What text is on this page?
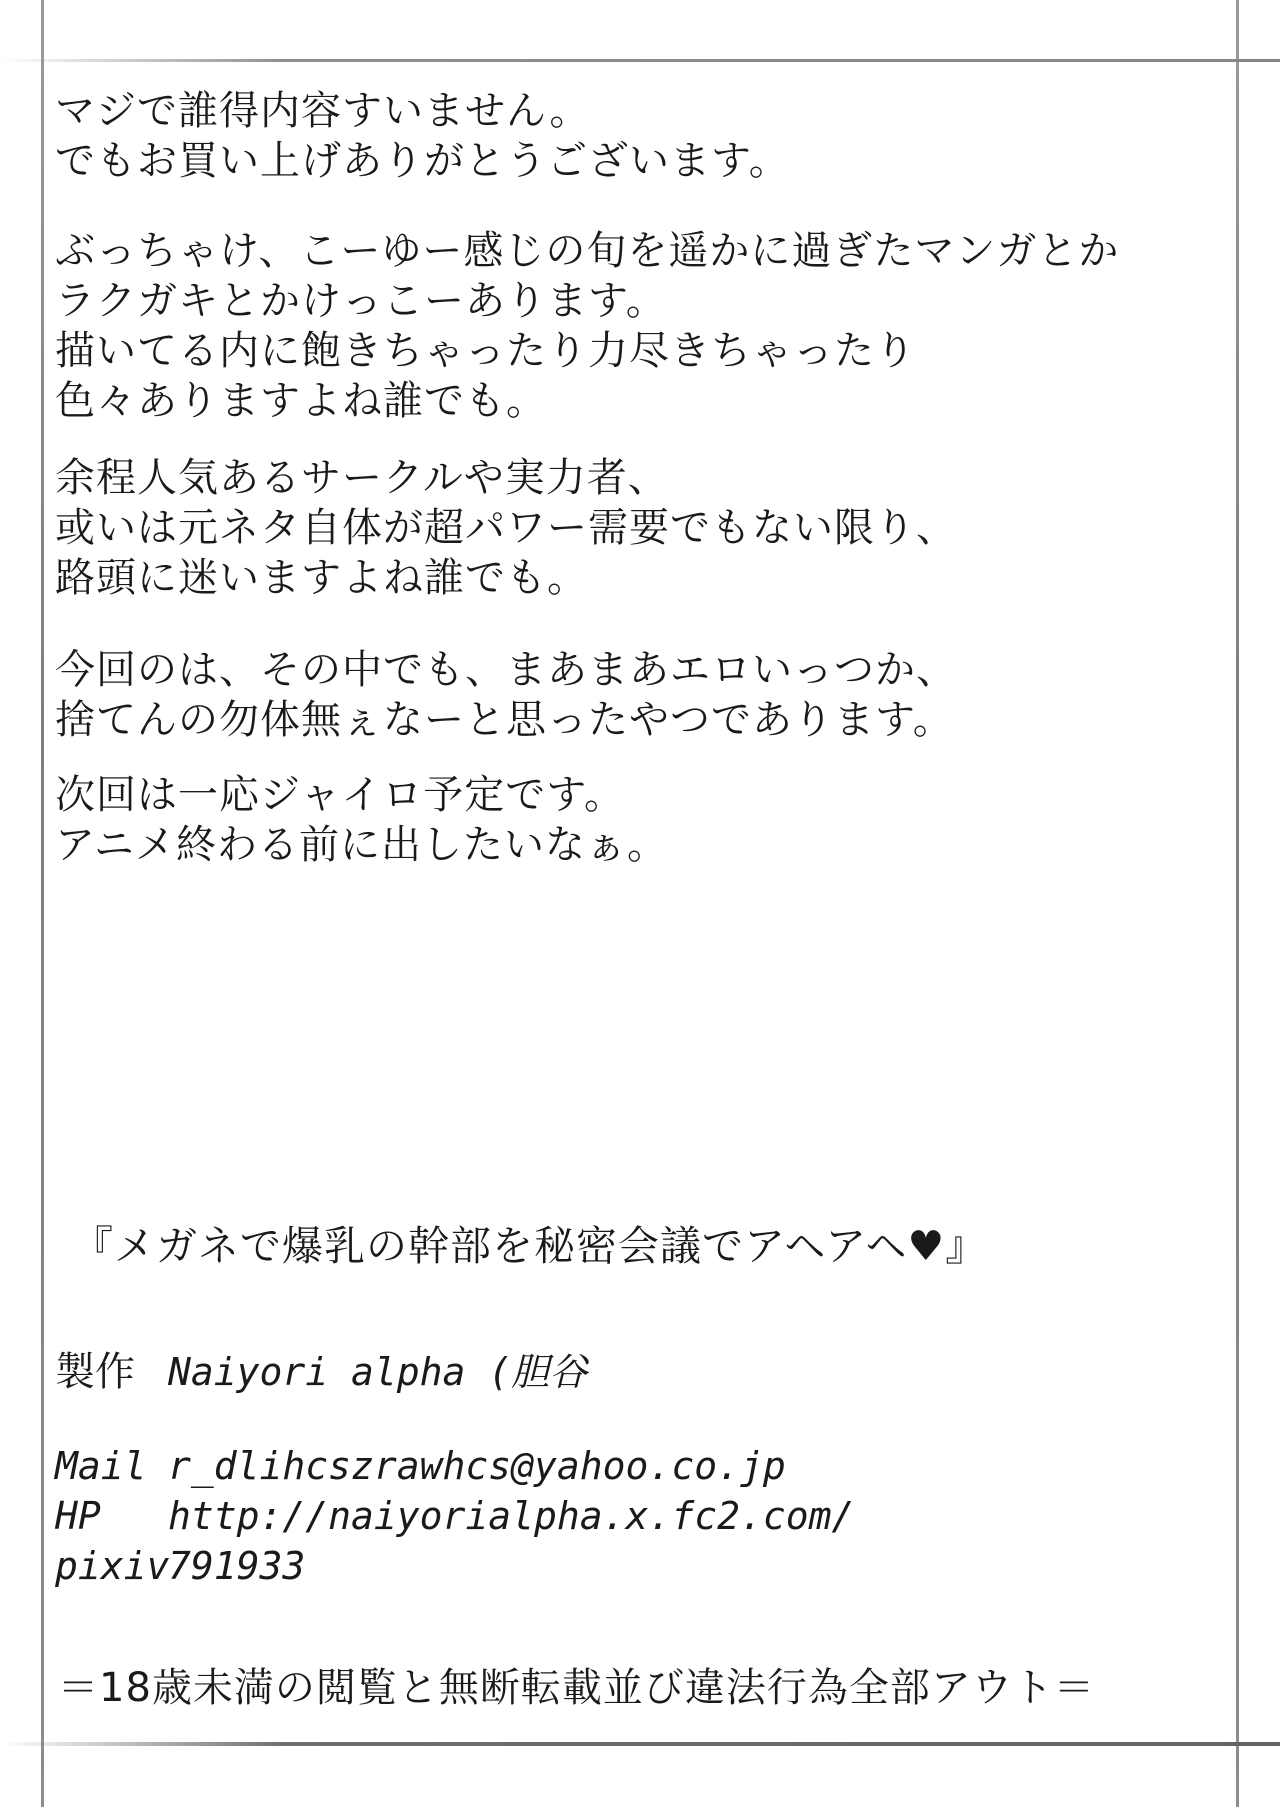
マジで誰得内容すいません。
でもお買い上げありがとうございます。
ぶっちゃけ、こーゆー感じの旬を遥かに過ぎたマンガとか
ラクガキとかけっこーあります。
描いてる内に飽きちゃったり力尽きちゃったり
色々ありますよね誰でも。
余程人気あるサークルや実力者、
或いは元ネタ自体が超パワー需要でもない限り、
路頭に迷いますよね誰でも。
今回のは、その中でも、まあまあエロいっつか、
捨てんの勿体無ぇなーと思ったやつであります。
次回は一応ジャイロ予定です。
アニメ終わる前に出したいなぁ。
『メガネで爆乳の幹部を秘密会議でアヘアヘ♥』
製作 Naiyori alpha (胆谷
Mail r_dlihcszrawhcs@yahoo.co.jp
HP	http://naiyorialpha.x.fc2.com/
pixiv
791933
＝18歳未満の閲覧と無断転載並び違法行為全部アウト＝
